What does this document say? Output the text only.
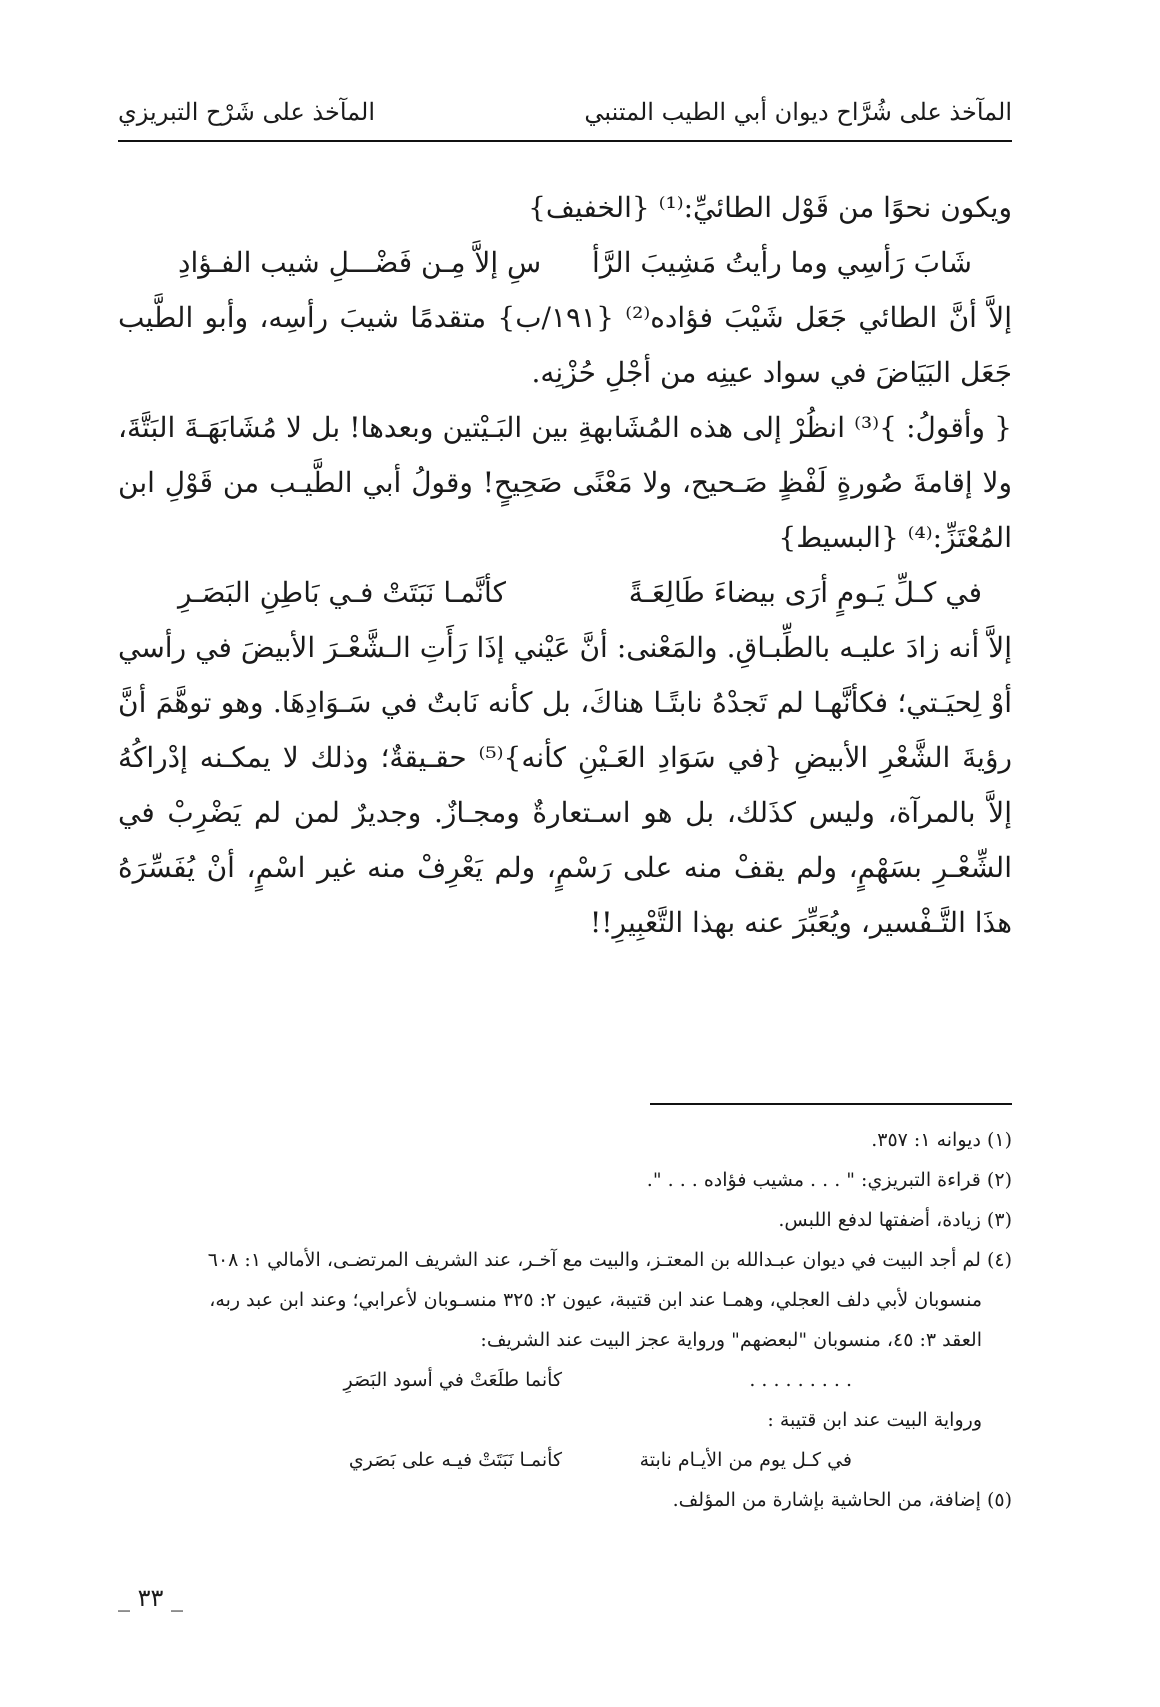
المآخذ على شُرَّاح ديوان أبي الطيب المتنبي
المآخذ على شَرْح التبريزي

ويكون نحوًا من قَوْل الطائيِّ:⁽¹⁾ {الخفيف}

شَابَ رَأسِي وما رأيتُ مَشِيبَ الرَّأ
سِ إلاَّ مِـن فَضْـــلِ شيب الفـؤادِ

إلاَّ أنَّ الطائي جَعَل شَيْبَ فؤاده⁽²⁾ {١٩١/ب} متقدمًا شيبَ رأسِه، وأبو الطَّيب جَعَل البَيَاضَ في سواد عينِه من أجْلِ حُزْنِه.

{ وأقولُ: }⁽³⁾ انظُرْ إلى هذه المُشَابهةِ بين البَـيْتين وبعدها! بل لا مُشَابَهَـةَ البَتَّةَ، ولا إقامةَ صُورةٍ لَفْظٍ صَـحيح، ولا مَعْنًى صَحِيحٍ! وقولُ أبي الطَّيـب من قَوْلِ ابن المُعْتَزِّ:⁽⁴⁾ {البسيط}

في كـلِّ يَـومٍ أرَى بيضاءَ طَالِعَـةً
كأنَّمـا نَبَتَتْ فـي بَاطِنِ البَصَـرِ

إلاَّ أنه زادَ عليـه بالطِّبـاقِ. والمَعْنى: أنَّ عَيْني إذَا رَأَتِ الـشَّعْـرَ الأبيضَ في رأسي أوْ لِحيَـتي؛ فكأنَّهـا لم تَجدْهُ نابتًـا هناكَ، بل كأنه نَابتٌ في سَـوَادِهَا. وهو توهَّمَ أنَّ رؤيةَ الشَّعْرِ الأبيضِ {في سَوَادِ العَـيْنِ كأنه}⁽⁵⁾ حقـيقةٌ؛ وذلك لا يمكـنه إدْراكُهُ إلاَّ بالمرآة، وليس كذَلك، بل هو اسـتعارةٌ ومجـازٌ. وجديرٌ لمن لم يَضْرِبْ في الشِّعْـرِ بسَهْمٍ، ولم يقفْ منه على رَسْمٍ، ولم يَعْرِفْ منه غير اسْمٍ، أنْ يُفَسِّرَهُ هذَا التَّـفْسير، ويُعَبِّرَ عنه بهذا التَّعْبِيرِ!!

(١) ديوانه ١: ٣٥٧.

(٢) قراءة التبريزي: " . . . مشيب فؤاده . . . ".

(٣) زيادة، أضفتها لدفع اللبس.

(٤) لم أجد البيت في ديوان عبـدالله بن المعتـز، والبيت مع آخـر، عند الشريف المرتضـى، الأمالي ١: ٦٠٨

منسوبان لأبي دلف العجلي، وهمـا عند ابن قتيبة، عيون ٢: ٣٢٥ منسـوبان لأعرابي؛ وعند ابن عبد ربه،

العقد ٣: ٤٥، منسوبان "لبعضهم" ورواية عجز البيت عند الشريف:

. . . . . . . . .
كأنما طلَعَتْ في أسود البَصَرِ

ورواية البيت عند ابن قتيبة :

في كـل يوم من الأيـام نابتة
كأنمـا نَبَتَتْ فيـه على بَصَري

(٥) إضافة، من الحاشية بإشارة من المؤلف.

_ ٣٣ _
